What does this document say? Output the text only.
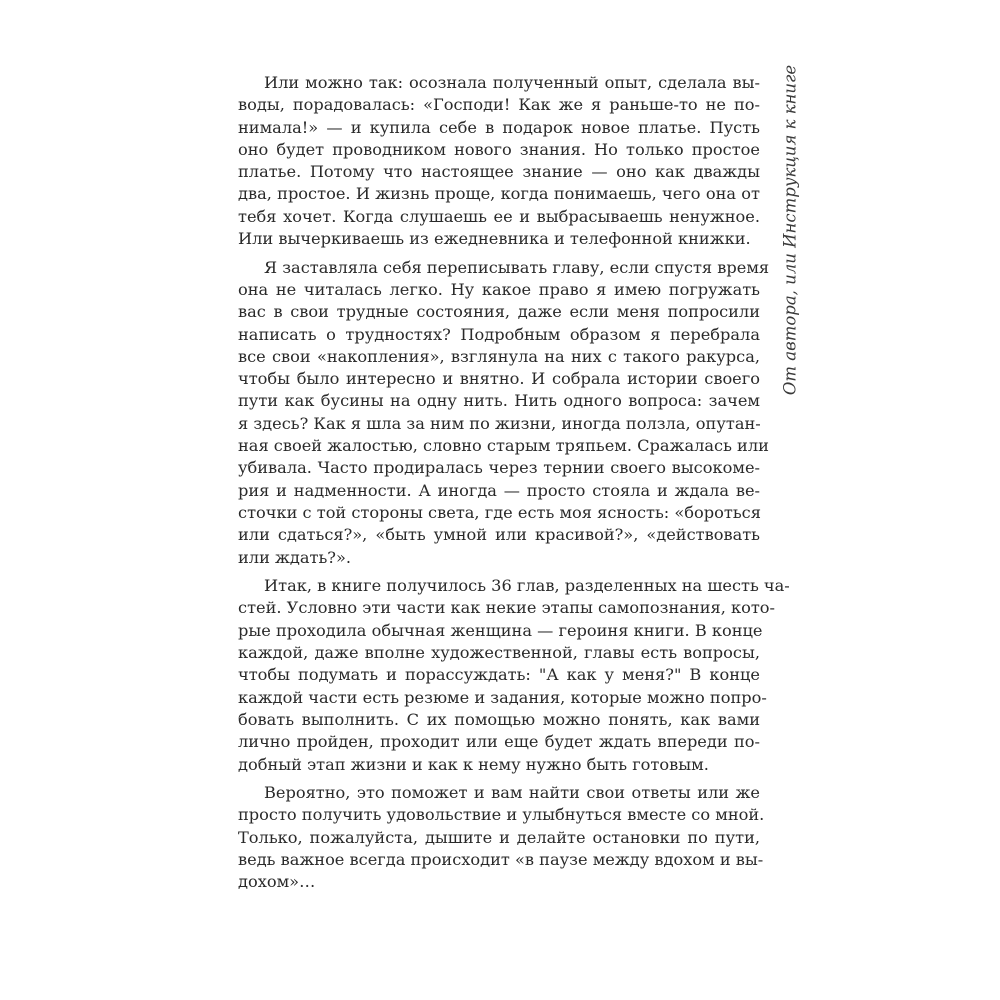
Или можно так: осознала полученный опыт, сделала вы-
воды, порадовалась: «Господи! Как же я раньше-то не по-
нимала!» — и купила себе в подарок новое платье. Пусть
оно будет проводником нового знания. Но только простое
платье. Потому что настоящее знание — оно как дважды
два, простое. И жизнь проще, когда понимаешь, чего она от
тебя хочет. Когда слушаешь ее и выбрасываешь ненужное.
Или вычеркиваешь из ежедневника и телефонной книжки.
Я заставляла себя переписывать главу, если спустя время
она не читалась легко. Ну какое право я имею погружать
вас в свои трудные состояния, даже если меня попросили
написать о трудностях? Подробным образом я перебрала
все свои «накопления», взглянула на них с такого ракурса,
чтобы было интересно и внятно. И собрала истории своего
пути как бусины на одну нить. Нить одного вопроса: зачем
я здесь? Как я шла за ним по жизни, иногда ползла, опутан-
ная своей жалостью, словно старым тряпьем. Сражалась или
убивала. Часто продиралась через тернии своего высокоме-
рия и надменности. А иногда — просто стояла и ждала ве-
сточки с той стороны света, где есть моя ясность: «бороться
или сдаться?», «быть умной или красивой?», «действовать
или ждать?».
Итак, в книге получилось 36 глав, разделенных на шесть ча-
стей. Условно эти части как некие этапы самопознания, кото-
рые проходила обычная женщина — героиня книги. В конце
каждой, даже вполне художественной, главы есть вопросы,
чтобы подумать и порассуждать: "А как у меня?" В конце
каждой части есть резюме и задания, которые можно попро-
бовать выполнить. С их помощью можно понять, как вами
лично пройден, проходит или еще будет ждать впереди по-
добный этап жизни и как к нему нужно быть готовым.
Вероятно, это поможет и вам найти свои ответы или же
просто получить удовольствие и улыбнуться вместе со мной.
Только, пожалуйста, дышите и делайте остановки по пути,
ведь важное всегда происходит «в паузе между вдохом и вы-
дохом»…
От автора, или Инструкция к книге
